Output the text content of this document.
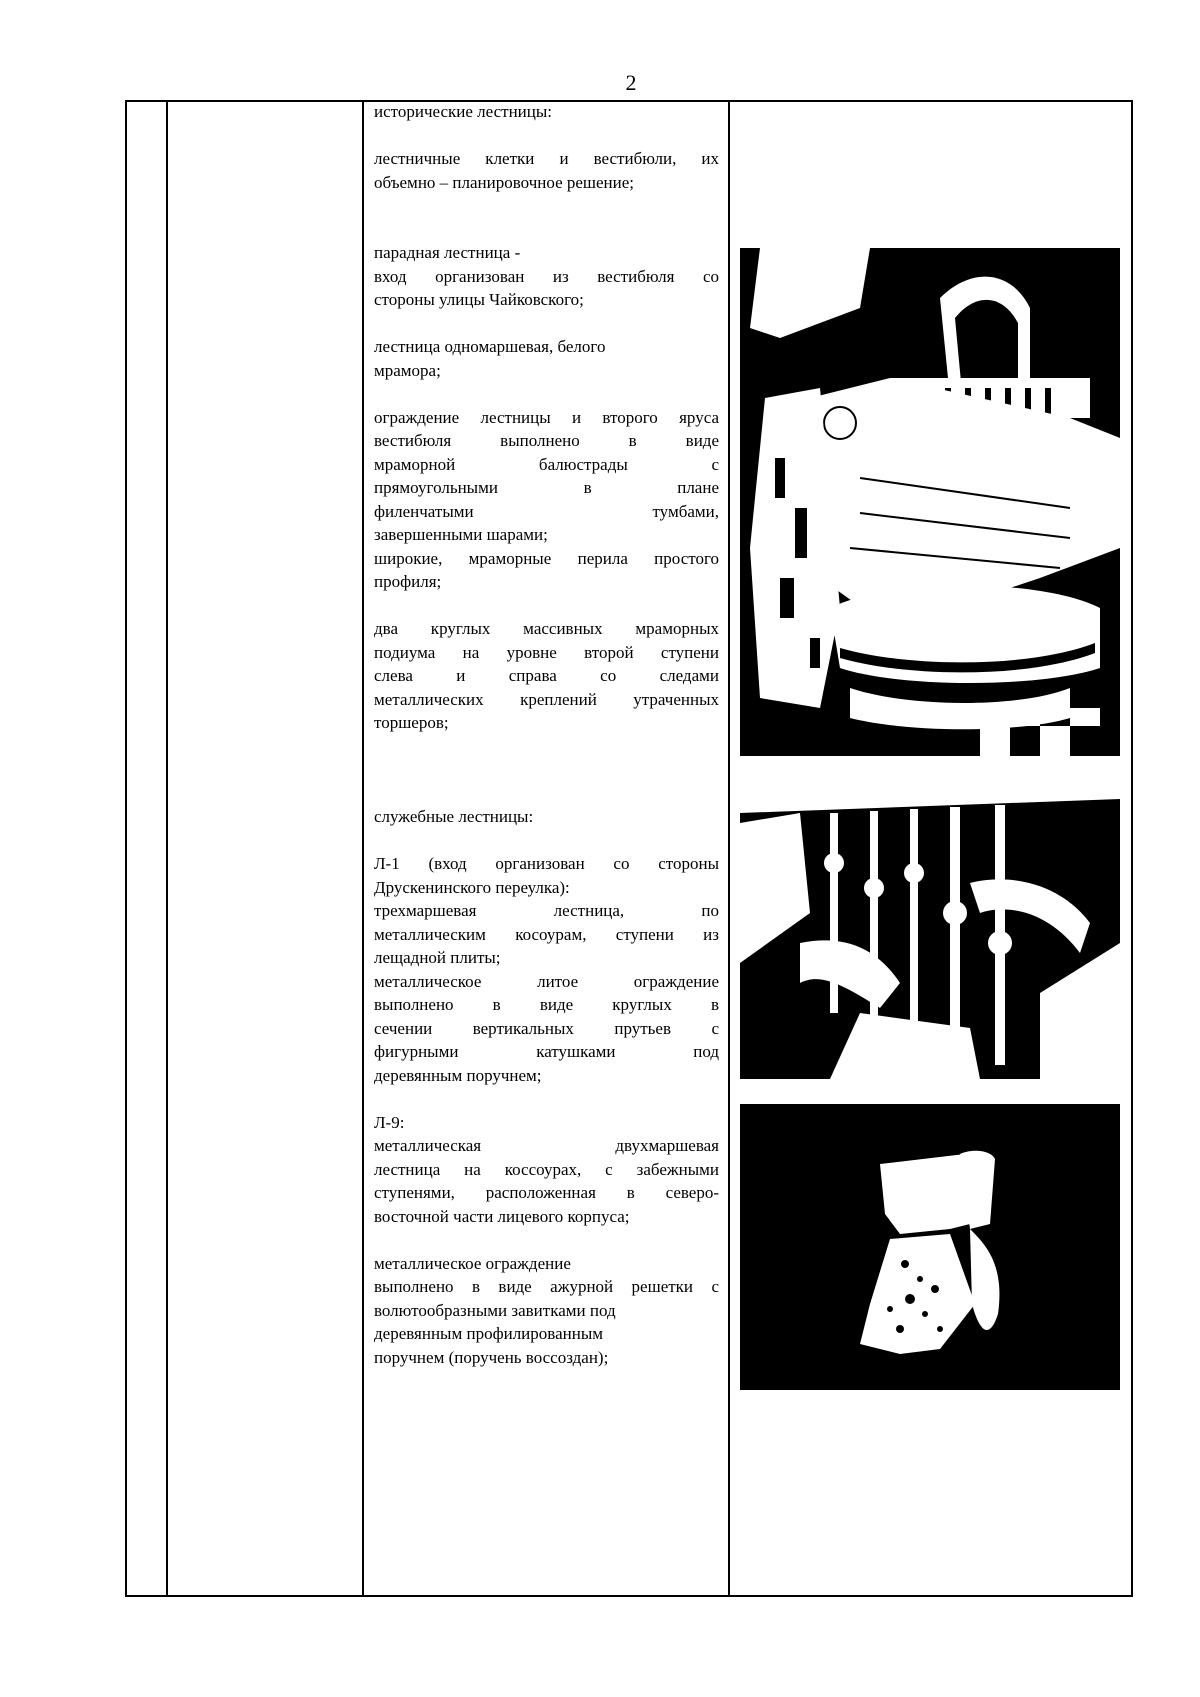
2

исторические лестницы:

лестничные клетки и вестибюли, их

объемно – планировочное решение;

парадная лестница -

вход организован из вестибюля со

стороны улицы Чайковского;

лестница одномаршевая, белого

мрамора;

ограждение лестницы и второго яруса

вестибюля выполнено в виде

мраморной балюстрады с

прямоугольными в плане

филенчатыми тумбами,

завершенными шарами;

широкие, мраморные перила простого

профиля;

два круглых массивных мраморных

подиума на уровне второй ступени

слева и справа со следами

металлических креплений утраченных

торшеров;

служебные лестницы:

Л-1 (вход организован со стороны

Друскенинского переулка):

трехмаршевая лестница, по

металлическим косоурам, ступени из

лещадной плиты;

металлическое литое ограждение

выполнено в виде круглых в

сечении вертикальных прутьев с

фигурными катушками под

деревянным поручнем;

Л-9:

металлическая двухмаршевая

лестница на коссоурах, с забежными

ступенями, расположенная в северо-

восточной части лицевого корпуса;

металлическое ограждение

выполнено в виде ажурной решетки с

волютообразными завитками под

деревянным профилированным

поручнем (поручень воссоздан);
